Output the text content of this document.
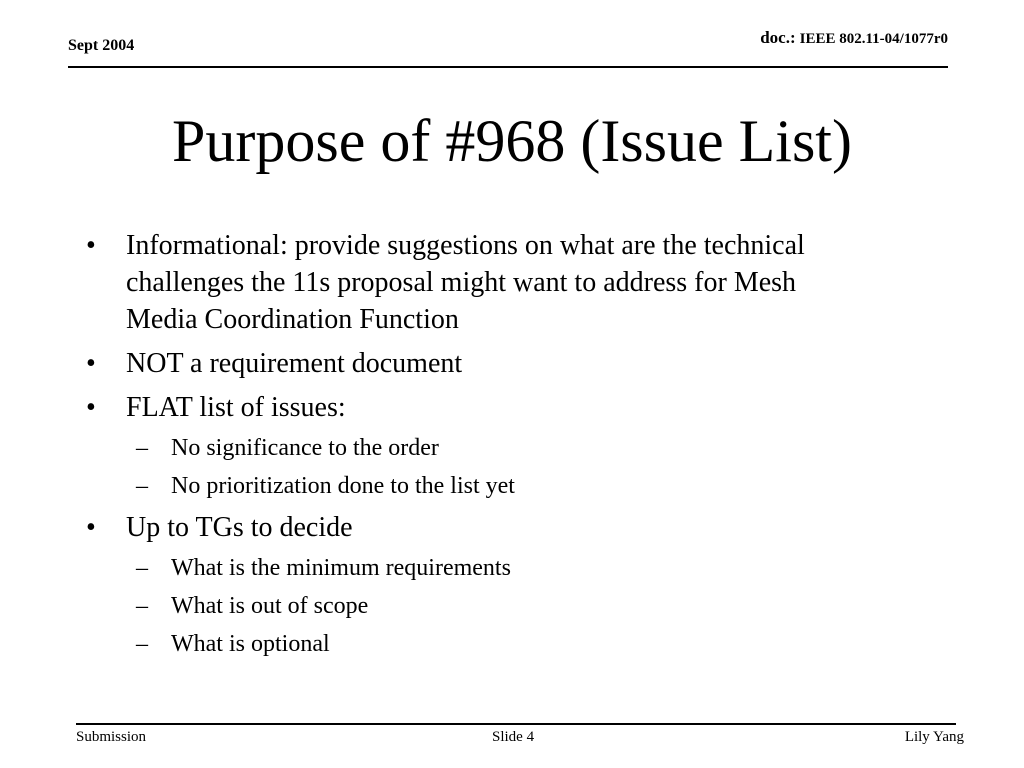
Sept 2004	doc.: IEEE 802.11-04/1077r0
Purpose of #968 (Issue List)
•	Informational: provide suggestions on what are the technical challenges the 11s proposal might want to address for Mesh Media Coordination Function
•	NOT a requirement document
•	FLAT list of issues:
– No significance to the order
– No prioritization done to the list yet
•	Up to TGs to decide
– What is the minimum requirements
– What is out of scope
– What is optional
Submission	Slide 4	Lily Yang
